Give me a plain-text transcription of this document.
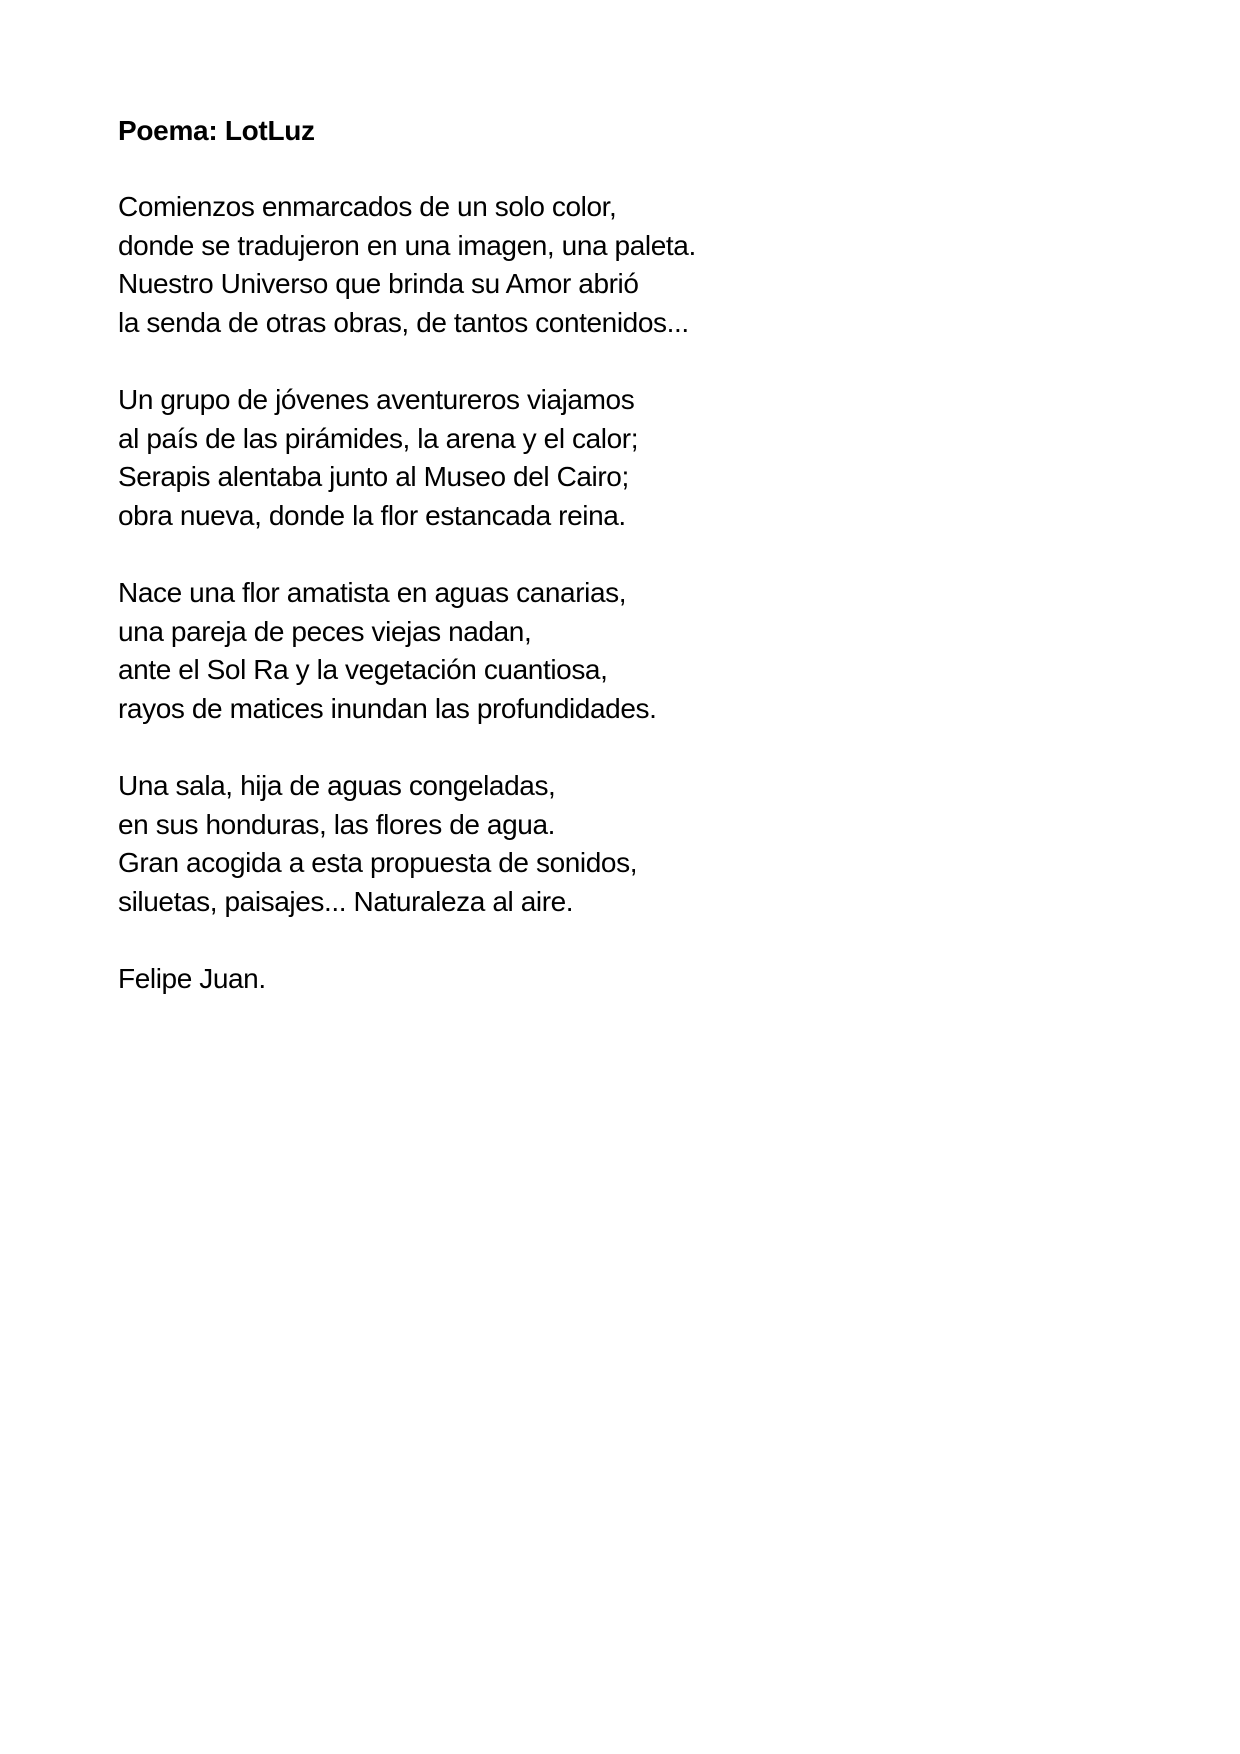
Poema: LotLuz
Comienzos enmarcados de un solo color,
donde se tradujeron en una imagen, una paleta.
Nuestro Universo que brinda su Amor abrió
la senda de otras obras, de tantos contenidos...
Un grupo de jóvenes aventureros viajamos
al país de las pirámides, la arena y el calor;
Serapis alentaba junto al Museo del Cairo;
obra nueva, donde la flor estancada reina.
Nace una flor amatista en aguas canarias,
una pareja de peces viejas nadan,
ante el Sol Ra y la vegetación cuantiosa,
rayos de matices inundan las profundidades.
Una sala, hija de aguas congeladas,
en sus honduras, las flores de agua.
Gran acogida a esta propuesta de sonidos,
siluetas, paisajes... Naturaleza al aire.

Felipe Juan.
